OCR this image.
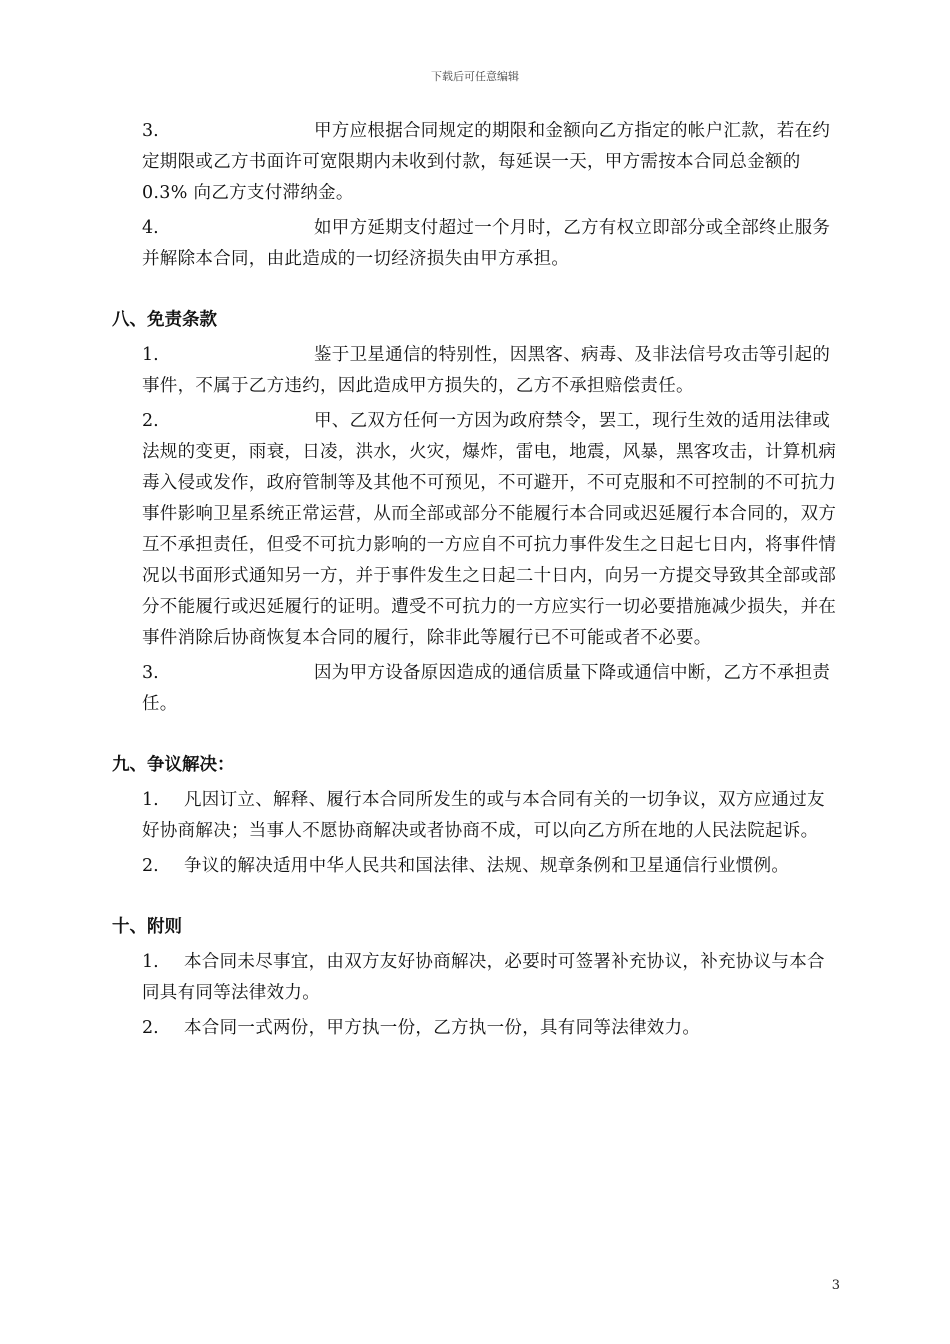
下载后可任意编辑

3.	甲方应根据合同规定的期限和金额向乙方指定的帐户汇款，若在约定期限或乙方书面许可宽限期内未收到付款，每延误一天，甲方需按本合同总金额的 0.3% 向乙方支付滞纳金。

4.	如甲方延期支付超过一个月时，乙方有权立即部分或全部终止服务并解除本合同，由此造成的一切经济损失由甲方承担。

八、免责条款

1.	鉴于卫星通信的特别性，因黑客、病毒、及非法信号攻击等引起的事件，不属于乙方违约，因此造成甲方损失的，乙方不承担赔偿责任。

2.	甲、乙双方任何一方因为政府禁令，罢工，现行生效的适用法律或法规的变更，雨衰，日凌，洪水，火灾，爆炸，雷电，地震，风暴，黑客攻击，计算机病毒入侵或发作，政府管制等及其他不可预见，不可避开，不可克服和不可控制的不可抗力事件影响卫星系统正常运营，从而全部或部分不能履行本合同或迟延履行本合同的，双方互不承担责任，但受不可抗力影响的一方应自不可抗力事件发生之日起七日内，将事件情况以书面形式通知另一方，并于事件发生之日起二十日内，向另一方提交导致其全部或部分不能履行或迟延履行的证明。遭受不可抗力的一方应实行一切必要措施减少损失，并在事件消除后协商恢复本合同的履行，除非此等履行已不可能或者不必要。

3.	因为甲方设备原因造成的通信质量下降或通信中断，乙方不承担责任。

九、争议解决：

1. 凡因订立、解释、履行本合同所发生的或与本合同有关的一切争议，双方应通过友好协商解决；当事人不愿协商解决或者协商不成，可以向乙方所在地的人民法院起诉。

2. 争议的解决适用中华人民共和国法律、法规、规章条例和卫星通信行业惯例。

十、附则

1. 本合同未尽事宜，由双方友好协商解决，必要时可签署补充协议，补充协议与本合同具有同等法律效力。

2. 本合同一式两份，甲方执一份，乙方执一份，具有同等法律效力。

3
